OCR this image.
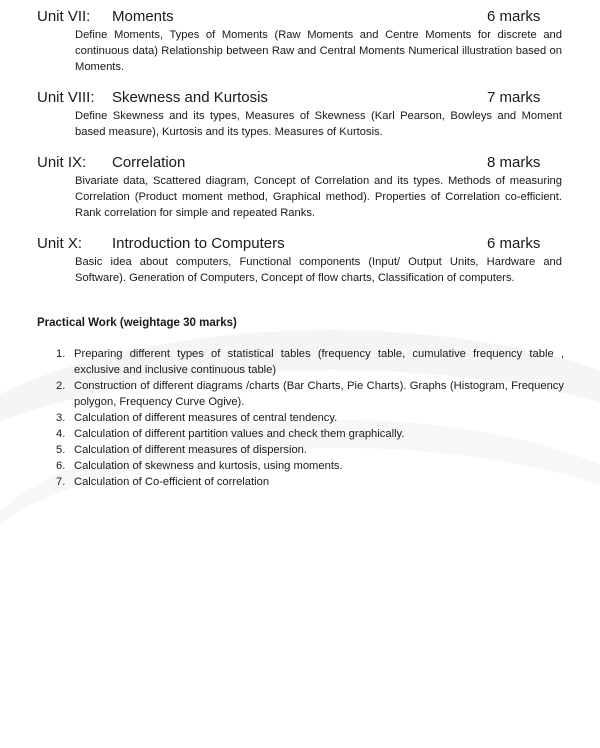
Unit VII: Moments	6 marks
Define Moments, Types of Moments (Raw Moments and Centre Moments for discrete and continuous data) Relationship between Raw and Central Moments Numerical illustration based on Moments.
Unit VIII: Skewness and Kurtosis	7 marks
Define Skewness and its types, Measures of Skewness (Karl Pearson, Bowleys and Moment based measure), Kurtosis and its types. Measures of Kurtosis.
Unit IX: Correlation	8 marks
Bivariate data, Scattered diagram, Concept of Correlation and its types. Methods of measuring Correlation (Product moment method, Graphical method). Properties of Correlation co-efficient. Rank correlation for simple and repeated Ranks.
Unit X: Introduction to Computers	6 marks
Basic idea about computers, Functional components (Input/ Output Units, Hardware and Software). Generation of Computers, Concept of flow charts, Classification of computers.
Practical Work (weightage 30 marks)
1. Preparing different types of statistical tables (frequency table, cumulative frequency table , exclusive and inclusive continuous table)
2. Construction of different diagrams /charts (Bar Charts, Pie Charts). Graphs (Histogram, Frequency polygon, Frequency Curve Ogive).
3. Calculation of different measures of central tendency.
4. Calculation of different partition values and check them graphically.
5. Calculation of different measures of dispersion.
6. Calculation of skewness and kurtosis, using moments.
7. Calculation of Co-efficient of correlation
